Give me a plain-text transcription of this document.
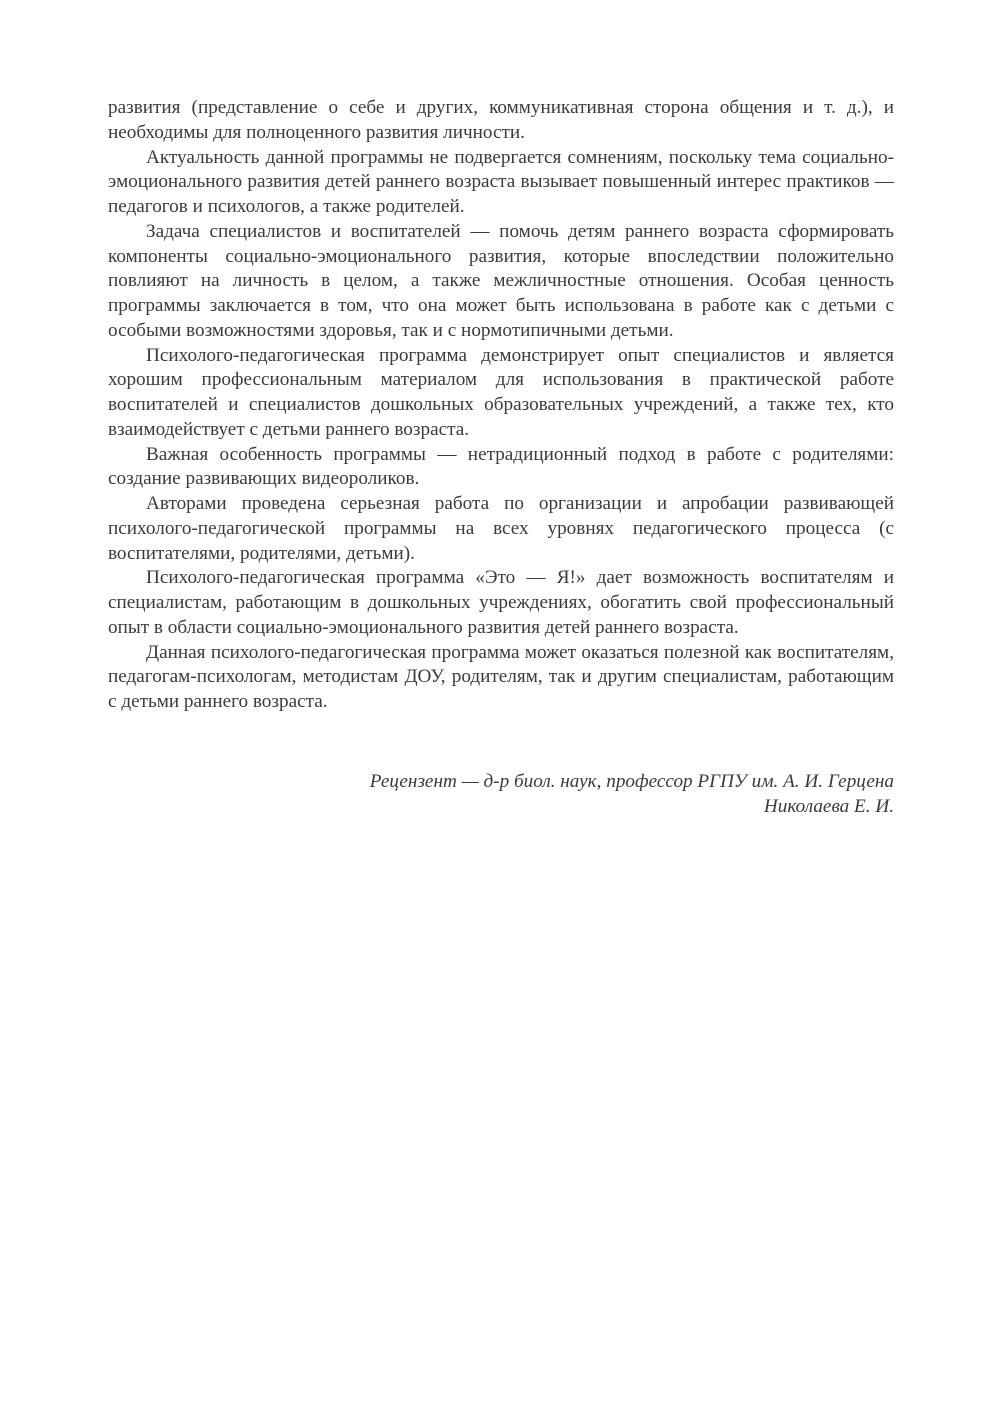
развития (представление о себе и других, коммуникативная сторона общения и т. д.), и необходимы для полноценного развития личности.

Актуальность данной программы не подвергается сомнениям, поскольку тема социально-эмоционального развития детей раннего возраста вызывает повышенный интерес практиков — педагогов и психологов, а также родителей.

Задача специалистов и воспитателей — помочь детям раннего возраста сформировать компоненты социально-эмоционального развития, которые впоследствии положительно повлияют на личность в целом, а также межличностные отношения. Особая ценность программы заключается в том, что она может быть использована в работе как с детьми с особыми возможностями здоровья, так и с нормотипичными детьми.

Психолого-педагогическая программа демонстрирует опыт специалистов и является хорошим профессиональным материалом для использования в практической работе воспитателей и специалистов дошкольных образовательных учреждений, а также тех, кто взаимодействует с детьми раннего возраста.

Важная особенность программы — нетрадиционный подход в работе с родителями: создание развивающих видеороликов.

Авторами проведена серьезная работа по организации и апробации развивающей психолого-педагогической программы на всех уровнях педагогического процесса (с воспитателями, родителями, детьми).

Психолого-педагогическая программа «Это — Я!» дает возможность воспитателям и специалистам, работающим в дошкольных учреждениях, обогатить свой профессиональный опыт в области социально-эмоционального развития детей раннего возраста.

Данная психолого-педагогическая программа может оказаться полезной как воспитателям, педагогам-психологам, методистам ДОУ, родителям, так и другим специалистам, работающим с детьми раннего возраста.

Рецензент — д-р биол. наук, профессор РГПУ им. А. И. Герцена
Николаева Е. И.
